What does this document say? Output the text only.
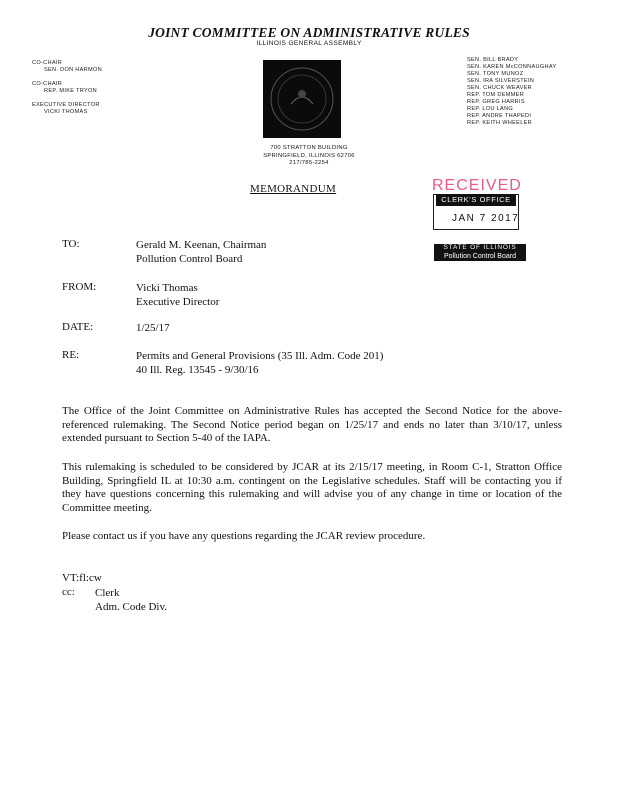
JOINT COMMITTEE ON ADMINISTRATIVE RULES
ILLINOIS GENERAL ASSEMBLY
CO-CHAIR
SEN. DON HARMON
CO-CHAIR
REP. MIKE TRYON
EXECUTIVE DIRECTOR
VICKI THOMAS
SEN. BILL BRADY
SEN. KAREN McCONNAUGHAY
SEN. TONY MUNOZ
SEN. IRA SILVERSTEIN
SEN. CHUCK WEAVER
REP. TOM DEMMER
REP. GREG HARRIS
REP. LOU LANG
REP. ANDRE THAPEDI
REP. KEITH WHEELER
700 STRATTON BUILDING
SPRINGFIELD, ILLINOIS 62706
217/785-2254
MEMORANDUM	RECEIVED
CLERK'S OFFICE
JAN 7 2017
STATE OF ILLINOIS
Pollution Control Board
TO:	Gerald M. Keenan, Chairman
Pollution Control Board
FROM:	Vicki Thomas
Executive Director
DATE:	1/25/17
RE:	Permits and General Provisions (35 Ill. Adm. Code 201)
40 Ill. Reg. 13545 - 9/30/16
The Office of the Joint Committee on Administrative Rules has accepted the Second Notice for the above-referenced rulemaking. The Second Notice period began on 1/25/17 and ends no later than 3/10/17, unless extended pursuant to Section 5-40 of the IAPA.
This rulemaking is scheduled to be considered by JCAR at its 2/15/17 meeting, in Room C-1, Stratton Office Building, Springfield IL at 10:30 a.m. contingent on the Legislative schedules. Staff will be contacting you if they have questions concerning this rulemaking and will advise you of any change in time or location of the Committee meeting.
Please contact us if you have any questions regarding the JCAR review procedure.
VT:fl:cw
cc: Clerk
Adm. Code Div.
